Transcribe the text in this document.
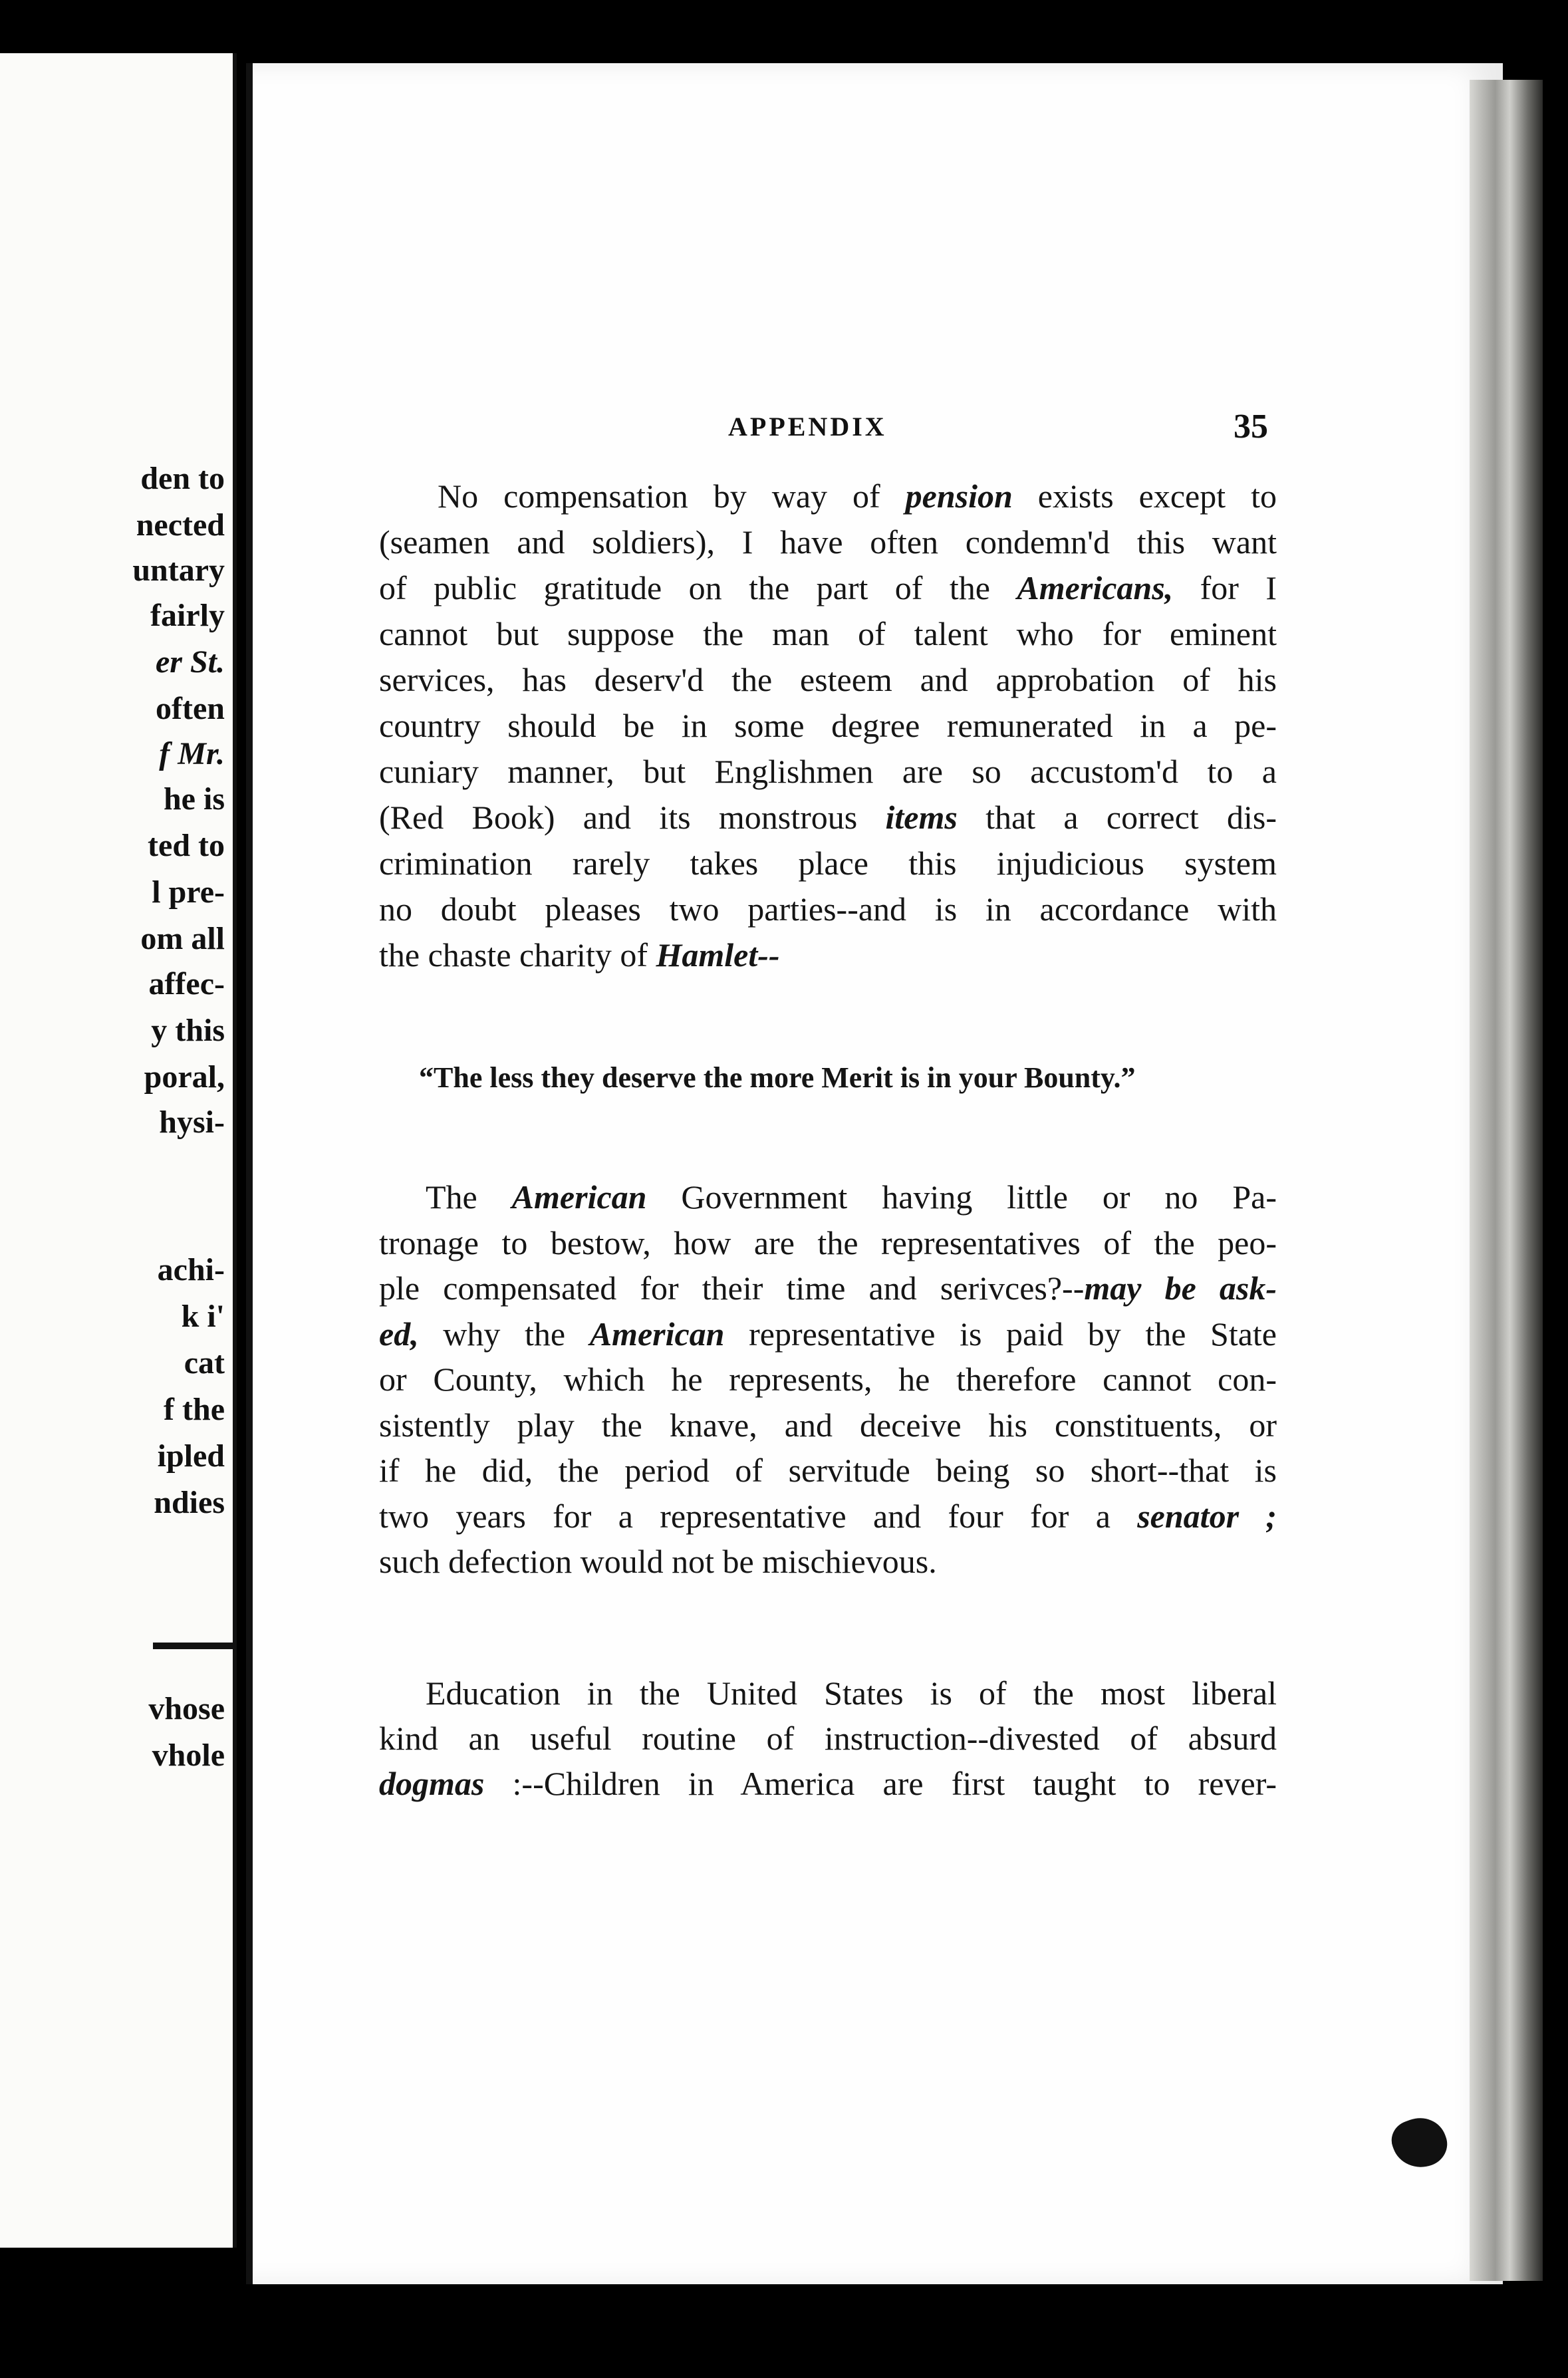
den to
nected
untary
fairly
er St.
often
f Mr.
he is
ted to
l pre-
om all
affec-
y this
poral,
hysi-
achi-
k i'
cat
f the
ipled
ndies
vhose
vhole
APPENDIX	35
“The less they deserve the more Merit is in your Bounty.”
No compensation by way of pension exists except to
(seamen and soldiers), I have often condemn'd this want
of public gratitude on the part of the Americans, for I
cannot but suppose the man of talent who for eminent
services, has deserv'd the esteem and approbation of his
country should be in some degree remunerated in a pe-
cuniary manner, but Englishmen are so accustom'd to a
(Red Book) and its monstrous items that a correct dis-
crimination rarely takes place this injudicious system
no doubt pleases two parties--and is in accordance with
the chaste charity of Hamlet--
The American Government having little or no Pa-
tronage to bestow, how are the representatives of the peo-
ple compensated for their time and serivces?--may be ask-
ed, why the American representative is paid by the State
or County, which he represents, he therefore cannot con-
sistently play the knave, and deceive his constituents, or
if he did, the period of servitude being so short--that is
two years for a representative and four for a senator ;
such defection would not be mischievous.
Education in the United States is of the most liberal
kind an useful routine of instruction--divested of absurd
dogmas :--Children in America are first taught to rever-
